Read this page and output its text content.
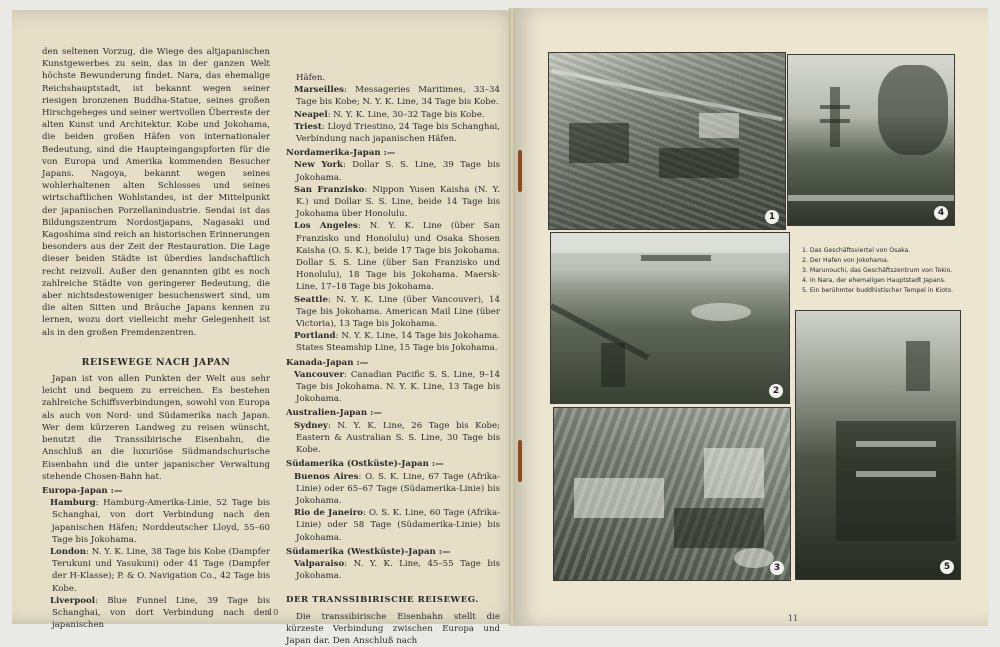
den seltenen Vorzug, die Wiege des altjapanischen Kunstgewerbes zu sein, das in der ganzen Welt höchste Bewunderung findet. Nara, das ehemalige Reichshauptstadt, ist bekannt wegen seiner riesigen bronzenen Buddha-Statue, seines großen Hirschgeheges und seiner wertvollen Überreste der alten Kunst und Architektur. Kobe und Jokohama, die beiden großen Häfen von internationaler Bedeutung, sind die Haupteingangspforten für die von Europa und Amerika kommenden Besucher Japans. Nagoya, bekannt wegen seines wohlerhaltenen alten Schlosses und seines wirtschaftlichen Wohlstandes, ist der Mittelpunkt der japanischen Porzellanindustrie. Sendai ist das Bildungszentrum Nordostjapans, Nagasaki und Kagoshima sind reich an historischen Erinnerungen besonders aus der Zeit der Restauration. Die Lage dieser beiden Städte ist überdies landschaftlich recht reizvoll. Außer den genannten gibt es noch zahlreiche Städte von geringerer Bedeutung, die aber nichtsdestoweniger besuchenswert sind, um die alten Sitten und Bräuche Japans kennen zu lernen, wozu dort vielleicht mehr Gelegenheit ist als in den großen Fremdenzentren.

REISEWEGE NACH JAPAN

Japan ist von allen Punkten der Welt aus sehr leicht und bequem zu erreichen. Es bestehen zahlreiche Schiffsverbindungen, sowohl von Europa als auch von Nord- und Südamerika nach Japan. Wer dem kürzeren Landweg zu reisen wünscht, benutzt die Transsibirische Eisenbahn, die Anschluß an die luxuriöse Südmandschurische Eisenbahn und die unter japanischer Verwaltung stehende Chosen-Bahn hat.

Europa-Japan :—
Hamburg: Hamburg-Amerika-Linie, 52 Tage bis Schanghai, von dort Verbindung nach den japanischen Häfen; Norddeutscher Lloyd, 55–60 Tage bis Jokohama.
London: N. Y. K. Line, 38 Tage bis Kobe (Dampfer Terukuni und Yasukuni) oder 41 Tage (Dampfer der H-Klasse); P. & O. Navigation Co., 42 Tage bis Kobe.
Liverpool: Blue Funnel Line, 39 Tage bis Schanghai, von dort Verbindung nach den japanischen
10
Häfen.
Marseilles: Messageries Maritimes, 33–34 Tage bis Kobe; N. Y. K. Line, 34 Tage bis Kobe.
Neapel: N. Y. K. Line, 30–32 Tage bis Kobe.
Triest: Lloyd Triestino, 24 Tage bis Schanghai, Verbindung nach japanischen Häfen.
Nordamerika-Japan :—
New York: Dollar S. S. Line, 39 Tage bis Jokohama.
San Franzisko: Nippon Yusen Kaisha (N. Y. K.) und Dollar S. S. Line, beide 14 Tage bis Jokohama über Honolulu.
Los Angeles: N. Y. K. Line (über San Franzisko und Honolulu) und Osaka Shosen Kaisha (O. S. K.), beide 17 Tage bis Jokohama. Dollar S. S. Line (über San Franzisko und Honolulu), 18 Tage bis Jokohama. Maersk-Line, 17–18 Tage bis Jokohama.
Seattle: N. Y. K. Line (über Vancouver), 14 Tage bis Jokohama. American Mail Line (über Victoria), 13 Tage bis Jokohama.
Portland: N. Y. K. Line, 14 Tage bis Jokohama. States Steamship Line, 15 Tage bis Jokohama.
Kanada-Japan :—
Vancouver: Canadian Pacific S. S. Line, 9–14 Tage bis Jokohama. N. Y. K. Line, 13 Tage bis Jokohama.
Australien-Japan :—
Sydney: N. Y. K. Line, 26 Tage bis Kobe; Eastern & Australian S. S. Line, 30 Tage bis Kobe.
Südamerika (Ostküste)-Japan :—
Buenos Aires: O. S. K. Line, 67 Tage (Afrika-Linie) oder 65–67 Tage (Südamerika-Linie) bis Jokohama.
Rio de Janeiro: O. S. K. Line, 60 Tage (Afrika-Linie) oder 58 Tage (Südamerika-Linie) bis Jokohama.
Südamerika (Westküste)-Japan :—
Valparaiso: N. Y. K. Line, 45–55 Tage bis Jokohama.
DER TRANSSIBIRISCHE REISEWEG.

Die transsibirische Eisenbahn stellt die kürzeste Verbindung zwischen Europa und Japan dar. Den Anschluß nach

1
2
3
4
5
1. Das Geschäftsviertel von Osaka.
2. Der Hafen von Jokohama.
3. Marunouchi, das Geschäftszentrum von Tokio.
4. In Nara, der ehemaligen Hauptstadt Japans.
5. Ein berühmter buddhistischer Tempel in Kioto.
11
